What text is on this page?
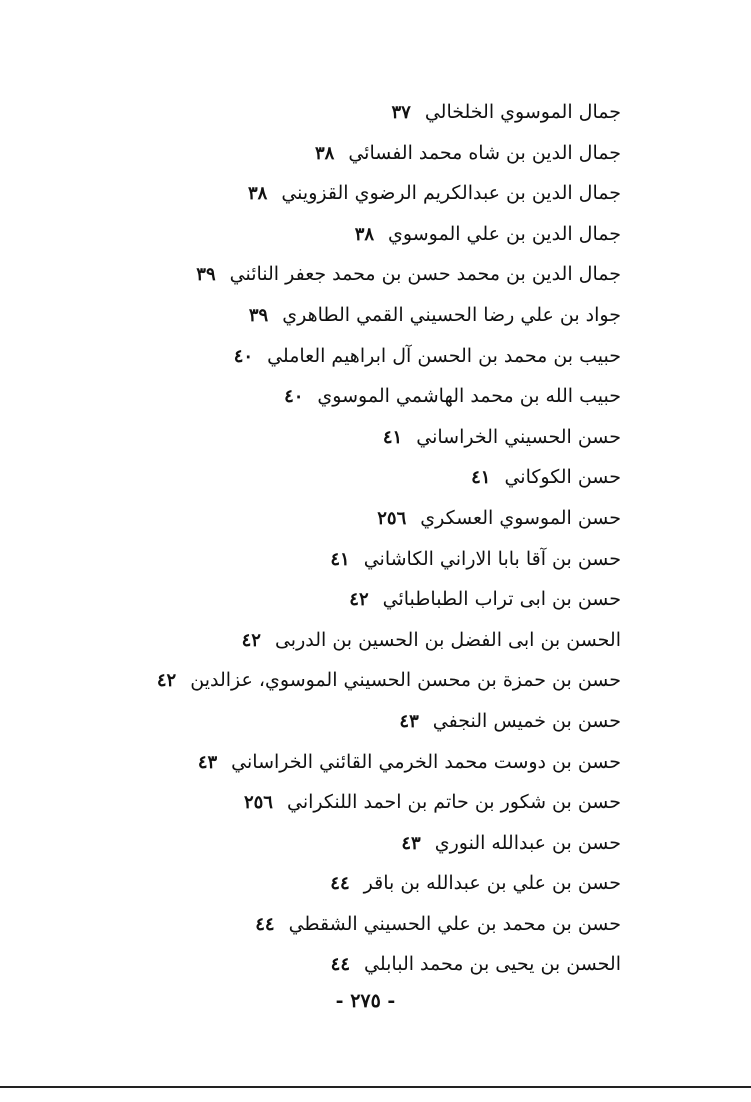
جمال الموسوي الخلخالي٣٧
جمال الدين بن شاه محمد الفسائي٣٨
جمال الدين بن عبدالكريم الرضوي القزويني٣٨
جمال الدين بن علي الموسوي٣٨
جمال الدين بن محمد حسن بن محمد جعفر النائني٣٩
جواد بن علي رضا الحسيني القمي الطاهري٣٩
حبيب بن محمد بن الحسن آل ابراهيم العاملي٤٠
حبيب الله بن محمد الهاشمي الموسوي٤٠
حسن الحسيني الخراساني٤١
حسن الكوكاني٤١
حسن الموسوي العسكري٢٥٦
حسن بن آقا بابا الاراني الكاشاني٤١
حسن بن ابى تراب الطباطبائي٤٢
الحسن بن ابى الفضل بن الحسين بن الدربى٤٢
حسن بن حمزة بن محسن الحسيني الموسوي، عزالدين٤٢
حسن بن خميس النجفي٤٣
حسن بن دوست محمد الخرمي القائني الخراساني٤٣
حسن بن شكور بن حاتم بن احمد اللنكراني٢٥٦
حسن بن عبدالله النوري٤٣
حسن بن علي بن عبدالله بن باقر٤٤
حسن بن محمد بن علي الحسيني الشقطي٤٤
الحسن بن يحيى بن محمد البابلي٤٤
- ٢٧٥ -
